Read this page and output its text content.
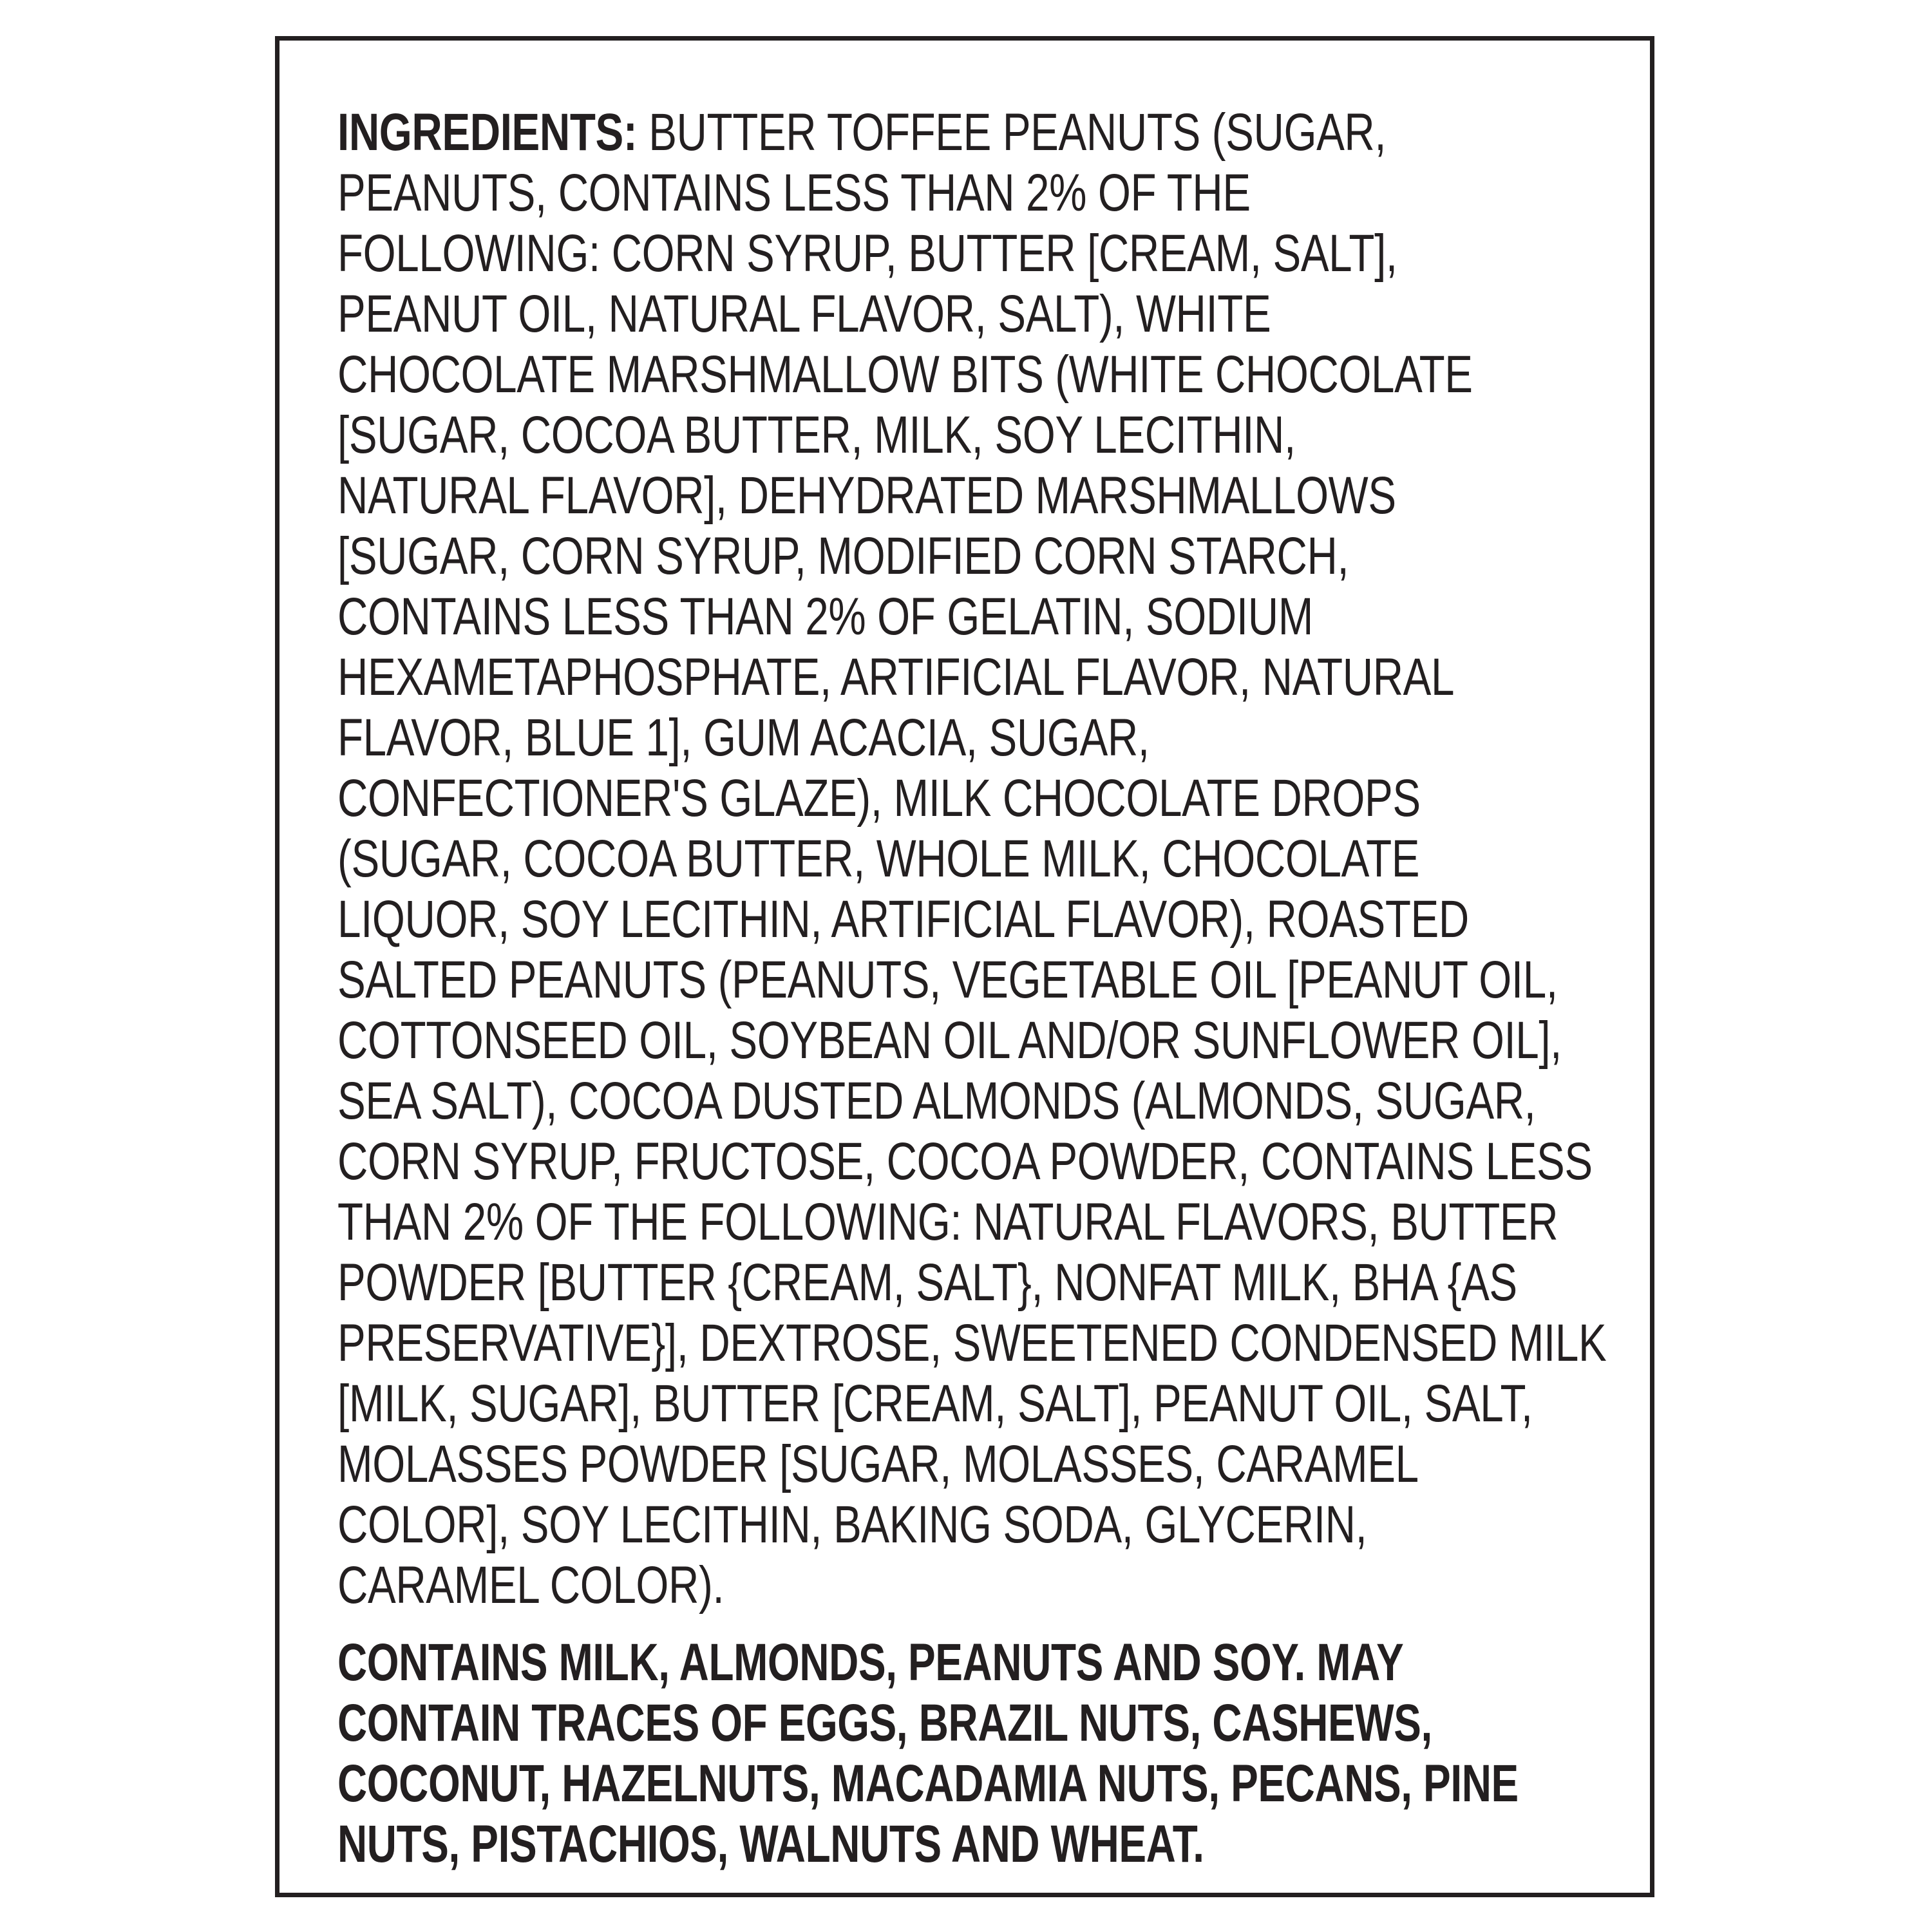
INGREDIENTS: BUTTER TOFFEE PEANUTS (SUGAR,
PEANUTS, CONTAINS LESS THAN 2% OF THE
FOLLOWING: CORN SYRUP, BUTTER [CREAM, SALT],
PEANUT OIL, NATURAL FLAVOR, SALT), WHITE
CHOCOLATE MARSHMALLOW BITS (WHITE CHOCOLATE
[SUGAR, COCOA BUTTER, MILK, SOY LECITHIN,
NATURAL FLAVOR], DEHYDRATED MARSHMALLOWS
[SUGAR, CORN SYRUP, MODIFIED CORN STARCH,
CONTAINS LESS THAN 2% OF GELATIN, SODIUM
HEXAMETAPHOSPHATE, ARTIFICIAL FLAVOR, NATURAL
FLAVOR, BLUE 1], GUM ACACIA, SUGAR,
CONFECTIONER'S GLAZE), MILK CHOCOLATE DROPS
(SUGAR, COCOA BUTTER, WHOLE MILK, CHOCOLATE
LIQUOR, SOY LECITHIN, ARTIFICIAL FLAVOR), ROASTED
SALTED PEANUTS (PEANUTS, VEGETABLE OIL [PEANUT OIL,
COTTONSEED OIL, SOYBEAN OIL AND/OR SUNFLOWER OIL],
SEA SALT), COCOA DUSTED ALMONDS (ALMONDS, SUGAR,
CORN SYRUP, FRUCTOSE, COCOA POWDER, CONTAINS LESS
THAN 2% OF THE FOLLOWING: NATURAL FLAVORS, BUTTER
POWDER [BUTTER {CREAM, SALT}, NONFAT MILK, BHA {AS
PRESERVATIVE}], DEXTROSE, SWEETENED CONDENSED MILK
[MILK, SUGAR], BUTTER [CREAM, SALT], PEANUT OIL, SALT,
MOLASSES POWDER [SUGAR, MOLASSES, CARAMEL
COLOR], SOY LECITHIN, BAKING SODA, GLYCERIN,
CARAMEL COLOR).
CONTAINS MILK, ALMONDS, PEANUTS AND SOY. MAY
CONTAIN TRACES OF EGGS, BRAZIL NUTS, CASHEWS,
COCONUT, HAZELNUTS, MACADAMIA NUTS, PECANS, PINE
NUTS, PISTACHIOS, WALNUTS AND WHEAT.
